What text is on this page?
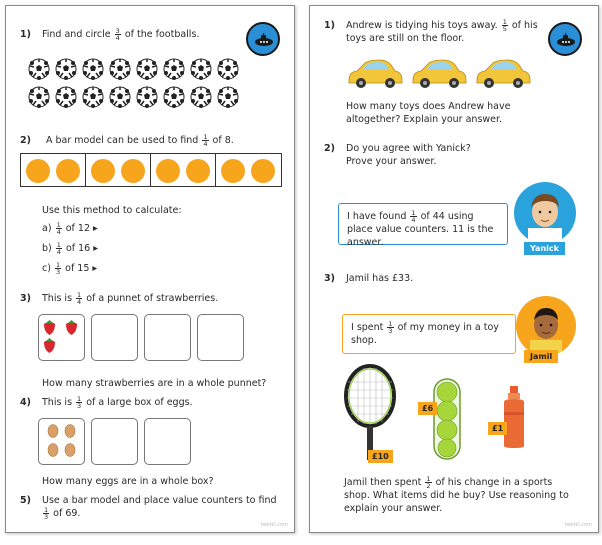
1) Find and circle $\frac{3}{4}$ of the footballs.
2) A bar model can be used to find $\frac{1}{4}$ of 8.
Use this method to calculate:
$a) \frac{1}{4}$ of 12 ▸
$b) \frac{1}{4}$ of 16 ▸
$c) \frac{1}{3}$ of 15 ▸
3) This is $\frac{1}{4}$ of a punnet of strawberries.
How many strawberries are in a whole punnet?
4) This is $\frac{1}{3}$ of a large box of eggs.
How many eggs are in a whole box?
5) Use a bar model and place value counters to find
$\frac{1}{3}$ of 69.
twinkl.com
1) Andrew is tidying his toys away. $\frac{1}{5}$ of his toys are still on the floor.
How many toys does Andrew have altogether? Explain your answer.
2) Do you agree with Yanick? Prove your answer.
I have found $\frac{1}{4}$ of 44 using place value counters. 11 is the answer.
Yanick
3) Jamil has £33.
I spent $\frac{1}{3}$ of my money in a toy shop.
Jamil
£10
£6
£1
Jamil then spent $\frac{1}{2}$ of his change in a sports shop. What items did he buy? Use reasoning to explain your answer.
twinkl.com
